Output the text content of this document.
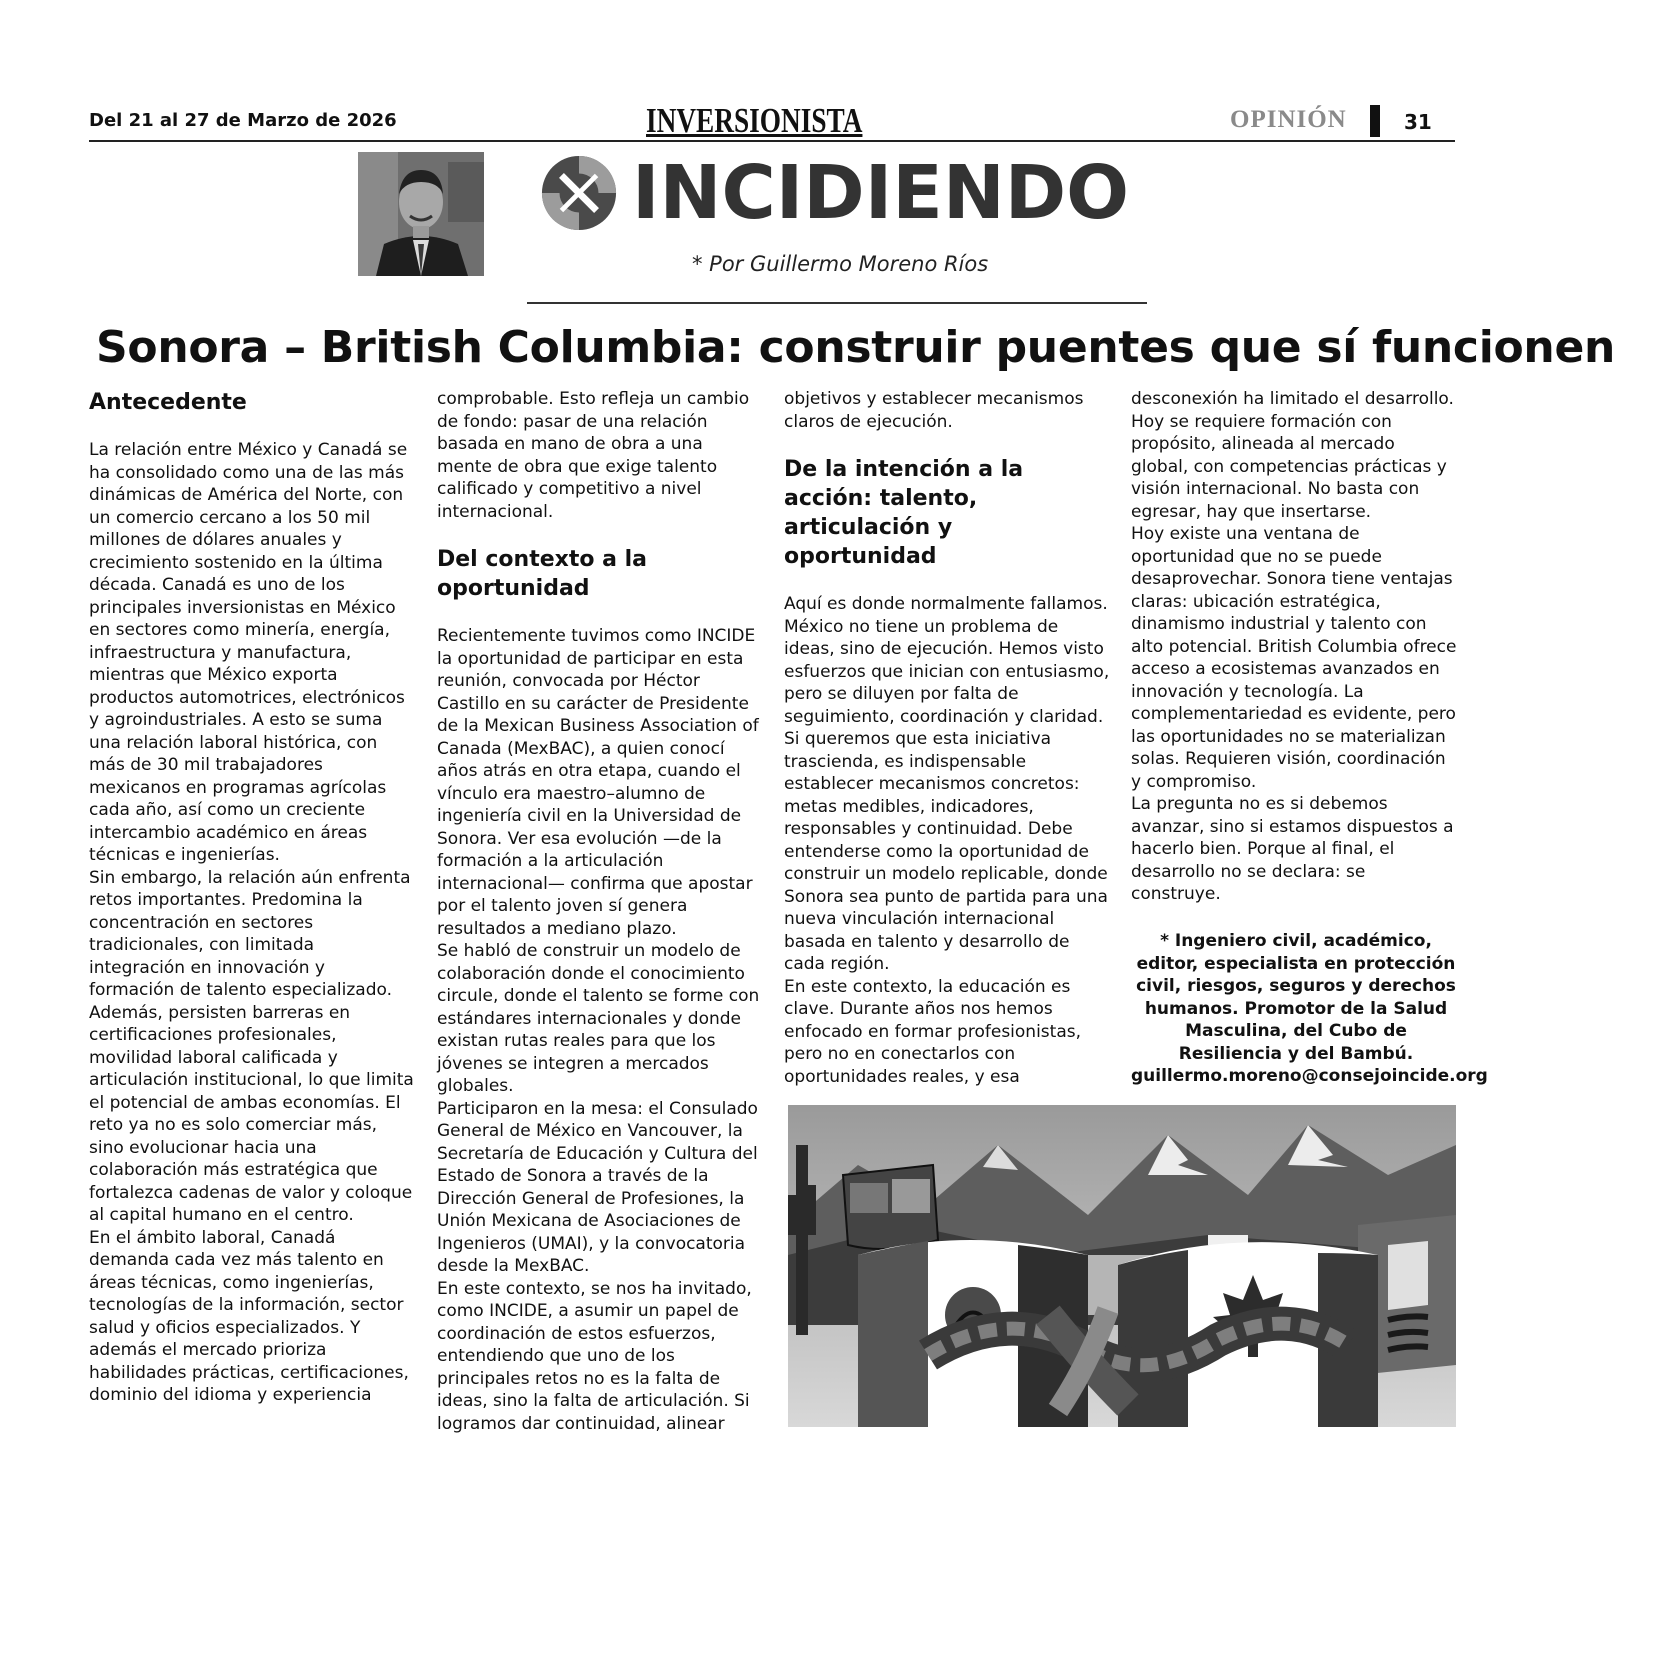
Del 21 al 27 de Marzo de 2026	INVERSIONISTA	OPINIÓN	31
INCIDIENDO
* Por Guillermo Moreno Ríos
Sonora – British Columbia: construir puentes que sí funcionen

Antecedente

La relación entre México y Canadá se ha consolidado como una de las más dinámicas de América del Norte, con un comercio cercano a los 50 mil millones de dólares anuales y crecimiento sostenido en la última década. Canadá es uno de los principales inversionistas en México en sectores como minería, energía, infraestructura y manufactura, mientras que México exporta productos automotrices, electrónicos y agroindustriales. A esto se suma una relación laboral histórica, con más de 30 mil trabajadores mexicanos en programas agrícolas cada año, así como un creciente intercambio académico en áreas técnicas e ingenierías.

Sin embargo, la relación aún enfrenta retos importantes. Predomina la concentración en sectores tradicionales, con limitada integración en innovación y formación de talento especializado. Además, persisten barreras en certificaciones profesionales, movilidad laboral calificada y articulación institucional, lo que limita el potencial de ambas economías. El reto ya no es solo comerciar más, sino evolucionar hacia una colaboración más estratégica que fortalezca cadenas de valor y coloque al capital humano en el centro.

En el ámbito laboral, Canadá demanda cada vez más talento en áreas técnicas, como ingenierías, tecnologías de la información, sector salud y oficios especializados. Y además el mercado prioriza habilidades prácticas, certificaciones, dominio del idioma y experiencia

comprobable. Esto refleja un cambio de fondo: pasar de una relación basada en mano de obra a una mente de obra que exige talento calificado y competitivo a nivel internacional.

Del contexto a la oportunidad

Recientemente tuvimos como INCIDE la oportunidad de participar en esta reunión, convocada por Héctor Castillo en su carácter de Presidente de la Mexican Business Association of Canada (MexBAC), a quien conocí años atrás en otra etapa, cuando el vínculo era maestro–alumno de ingeniería civil en la Universidad de Sonora. Ver esa evolución —de la formación a la articulación internacional— confirma que apostar por el talento joven sí genera resultados a mediano plazo.

Se habló de construir un modelo de colaboración donde el conocimiento circule, donde el talento se forme con estándares internacionales y donde existan rutas reales para que los jóvenes se integren a mercados globales.

Participaron en la mesa: el Consulado General de México en Vancouver, la Secretaría de Educación y Cultura del Estado de Sonora a través de la Dirección General de Profesiones, la Unión Mexicana de Asociaciones de Ingenieros (UMAI), y la convocatoria desde la MexBAC.

En este contexto, se nos ha invitado, como INCIDE, a asumir un papel de coordinación de estos esfuerzos, entendiendo que uno de los principales retos no es la falta de ideas, sino la falta de articulación. Si logramos dar continuidad, alinear

objetivos y establecer mecanismos claros de ejecución.

De la intención a la acción: talento, articulación y oportunidad

Aquí es donde normalmente fallamos. México no tiene un problema de ideas, sino de ejecución. Hemos visto esfuerzos que inician con entusiasmo, pero se diluyen por falta de seguimiento, coordinación y claridad. Si queremos que esta iniciativa trascienda, es indispensable establecer mecanismos concretos: metas medibles, indicadores, responsables y continuidad. Debe entenderse como la oportunidad de construir un modelo replicable, donde Sonora sea punto de partida para una nueva vinculación internacional basada en talento y desarrollo de cada región.

En este contexto, la educación es clave. Durante años nos hemos enfocado en formar profesionistas, pero no en conectarlos con oportunidades reales, y esa

desconexión ha limitado el desarrollo. Hoy se requiere formación con propósito, alineada al mercado global, con competencias prácticas y visión internacional. No basta con egresar, hay que insertarse.

Hoy existe una ventana de oportunidad que no se puede desaprovechar. Sonora tiene ventajas claras: ubicación estratégica, dinamismo industrial y talento con alto potencial. British Columbia ofrece acceso a ecosistemas avanzados en innovación y tecnología. La complementariedad es evidente, pero las oportunidades no se materializan solas. Requieren visión, coordinación y compromiso.

La pregunta no es si debemos avanzar, sino si estamos dispuestos a hacerlo bien. Porque al final, el desarrollo no se declara: se construye.

* Ingeniero civil, académico, editor, especialista en protección civil, riesgos, seguros y derechos humanos. Promotor de la Salud Masculina, del Cubo de Resiliencia y del Bambú. guillermo.moreno@consejoincide.org
